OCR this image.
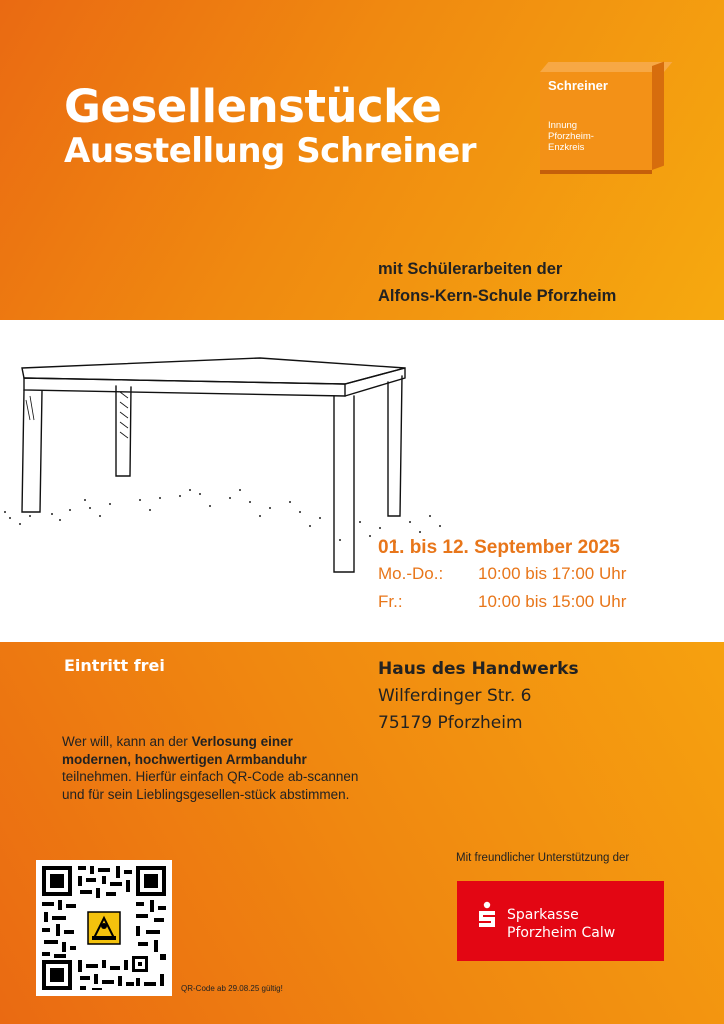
Gesellenstücke
Ausstellung Schreiner
Schreiner
Innung
Pforzheim-
Enzkreis
mit Schülerarbeiten der
Alfons-Kern-Schule Pforzheim
01. bis 12. September 2025
Mo.-Do.: 10:00 bis 17:00 Uhr
Fr.:	10:00 bis 15:00 Uhr
Eintritt frei	Haus des Handwerks
Wilferdinger Str. 6
75179 Pforzheim

Wer will, kann an der Verlosung einer modernen, hochwertigen Armbanduhr teilnehmen. Hierfür einfach QR-Code ab-scannen und für sein Lieblingsgesellen-stück abstimmen.

QR-Code ab 29.08.25 gültig!
Mit freundlicher Unterstützung der
Sparkasse
Pforzheim Calw
